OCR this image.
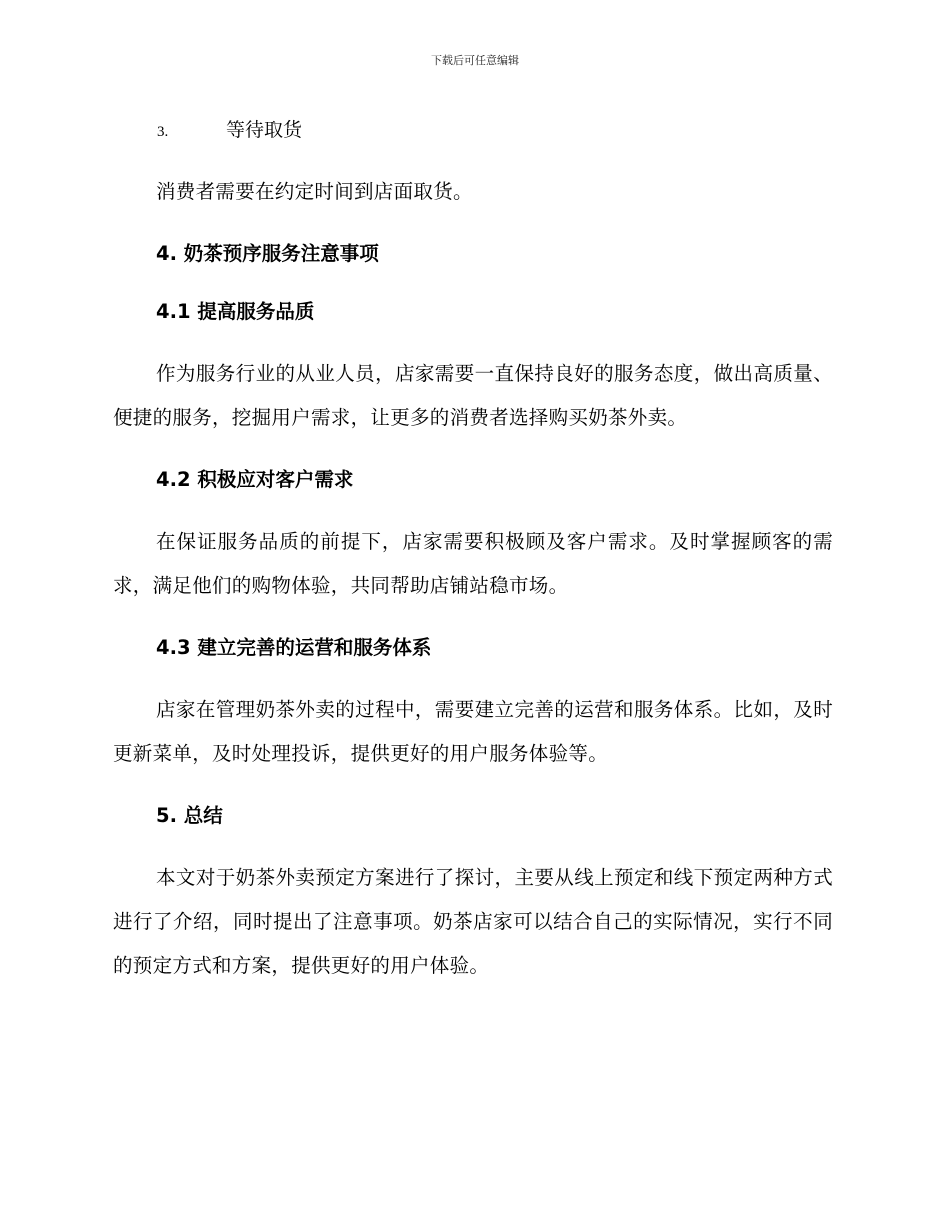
下载后可任意编辑
3.	等待取货

消费者需要在约定时间到店面取货。

4. 奶茶预序服务注意事项
4.1 提高服务品质

作为服务行业的从业人员，店家需要一直保持良好的服务态度，做出高质量、便捷的服务，挖掘用户需求，让更多的消费者选择购买奶茶外卖。

4.2 积极应对客户需求

在保证服务品质的前提下，店家需要积极顾及客户需求。及时掌握顾客的需求，满足他们的购物体验，共同帮助店铺站稳市场。

4.3 建立完善的运营和服务体系

店家在管理奶茶外卖的过程中，需要建立完善的运营和服务体系。比如，及时更新菜单，及时处理投诉，提供更好的用户服务体验等。

5. 总结

本文对于奶茶外卖预定方案进行了探讨，主要从线上预定和线下预定两种方式进行了介绍，同时提出了注意事项。奶茶店家可以结合自己的实际情况，实行不同的预定方式和方案，提供更好的用户体验。
